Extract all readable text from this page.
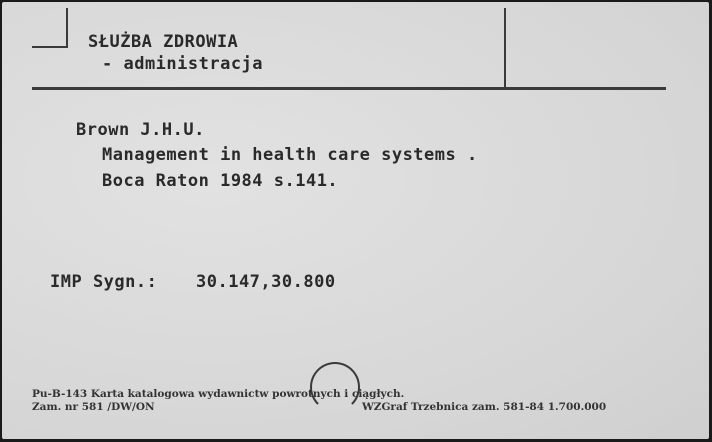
SŁUŻBA ZDROWIA
- administracja
Brown J.H.U.
Management in health care systems .
Boca Raton 1984 s.141.
IMP Sygn.: 30.147,30.800
Pu-B-143 Karta katalogowa wydawnictw powrotnych i ciągłych.
Zam. nr 581 /DW/ON	WZGraf Trzebnica zam. 581-84 1.700.000
